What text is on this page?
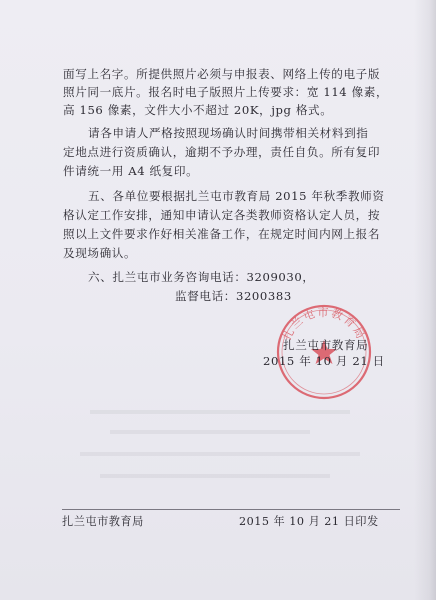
面写上名字。所提供照片必须与申报表、网络上传的电子版
照片同一底片。报名时电子版照片上传要求：宽 114 像素，
高 156 像素，文件大小不超过 20K，jpg 格式。
请各申请人严格按照现场确认时间携带相关材料到指
定地点进行资质确认，逾期不予办理，责任自负。所有复印
件请统一用 A4 纸复印。
五、各单位要根据扎兰屯市教育局 2015 年秋季教师资
格认定工作安排，通知申请认定各类教师资格认定人员，按
照以上文件要求作好相关准备工作，在规定时间内网上报名
及现场确认。
六、扎兰屯市业务咨询电话：3209030，
监督电话：3200383
扎兰屯市教育局
扎兰屯市教育局
2015 年 10 月 21 日
扎兰屯市教育局	2015 年 10 月 21 日印发
